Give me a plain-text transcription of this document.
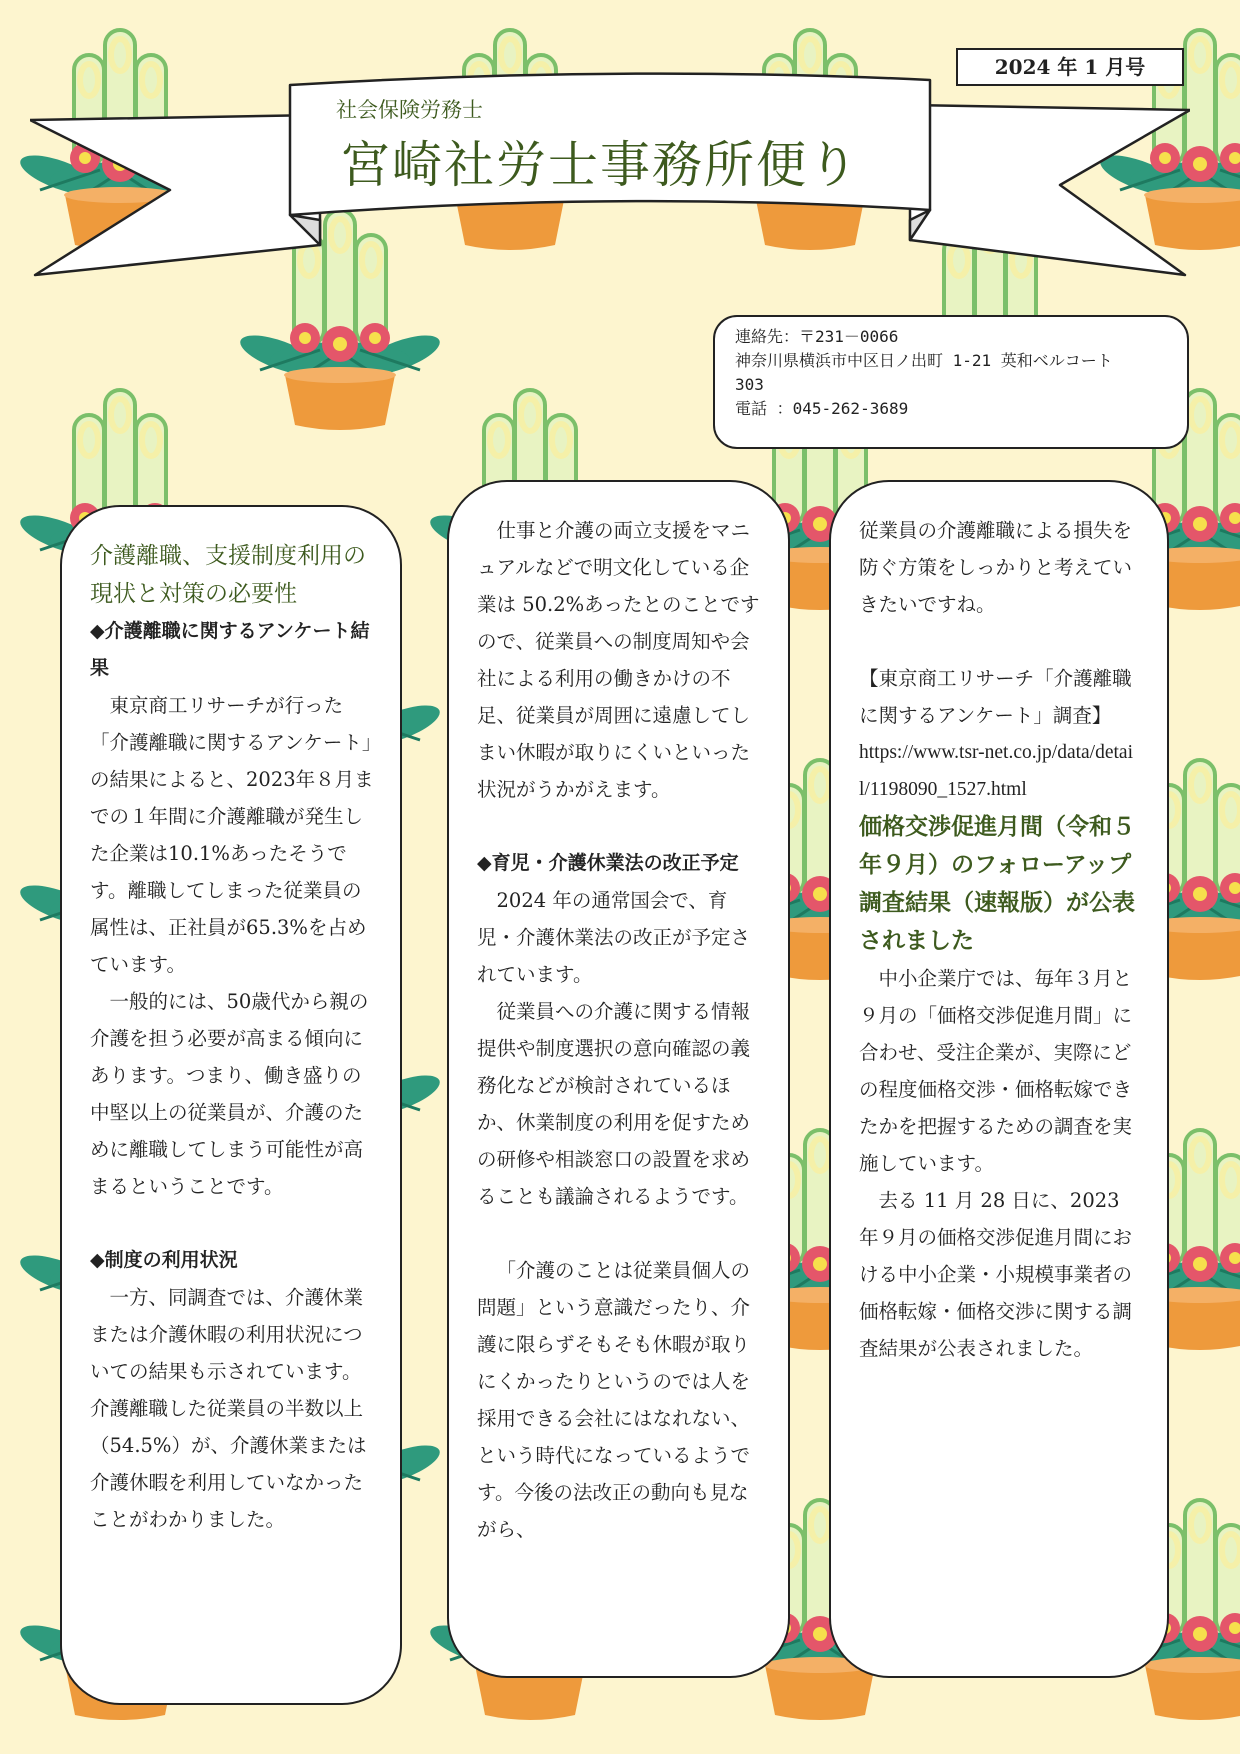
2024 年 1 月号
社会保険労務士
宮崎社労士事務所便り
連絡先：〒231－0066
神奈川県横浜市中区日ノ出町 1-21 英和ベルコート
303
電話 ：045-262-3689

介護離職、支援制度利用の現状と対策の必要性

◆介護離職に関するアンケート結果

東京商工リサーチが行った「介護離職に関するアンケート」の結果によると、2023年８月までの１年間に介護離職が発生した企業は10.1%あったそうです。離職してしまった従業員の属性は、正社員が65.3%を占めています。

一般的には、50歳代から親の介護を担う必要が高まる傾向にあります。つまり、働き盛りの中堅以上の従業員が、介護のために離職してしまう可能性が高まるということです。

◆制度の利用状況

一方、同調査では、介護休業または介護休暇の利用状況についての結果も示されています。介護離職した従業員の半数以上（54.5%）が、介護休業または介護休暇を利用していなかったことがわかりました。

仕事と介護の両立支援をマニュアルなどで明文化している企業は 50.2%あったとのことですので、従業員への制度周知や会社による利用の働きかけの不足、従業員が周囲に遠慮してしまい休暇が取りにくいといった状況がうかがえます。

◆育児・介護休業法の改正予定

2024 年の通常国会で、育児・介護休業法の改正が予定されています。

従業員への介護に関する情報提供や制度選択の意向確認の義務化などが検討されているほか、休業制度の利用を促すための研修や相談窓口の設置を求めることも議論されるようです。

「介護のことは従業員個人の問題」という意識だったり、介護に限らずそもそも休暇が取りにくかったりというのでは人を採用できる会社にはなれない、という時代になっているようです。今後の法改正の動向も見ながら、

従業員の介護離職による損失を防ぐ方策をしっかりと考えていきたいですね。

【東京商工リサーチ「介護離職に関するアンケート」調査】

https://www.tsr-net.co.jp/data/detail/1198090_1527.html

価格交渉促進月間（令和５年９月）のフォローアップ調査結果（速報版）が公表されました

中小企業庁では、毎年３月と９月の「価格交渉促進月間」に合わせ、受注企業が、実際にどの程度価格交渉・価格転嫁できたかを把握するための調査を実施しています。

去る 11 月 28 日に、2023 年９月の価格交渉促進月間における中小企業・小規模事業者の価格転嫁・価格交渉に関する調査結果が公表されました。
